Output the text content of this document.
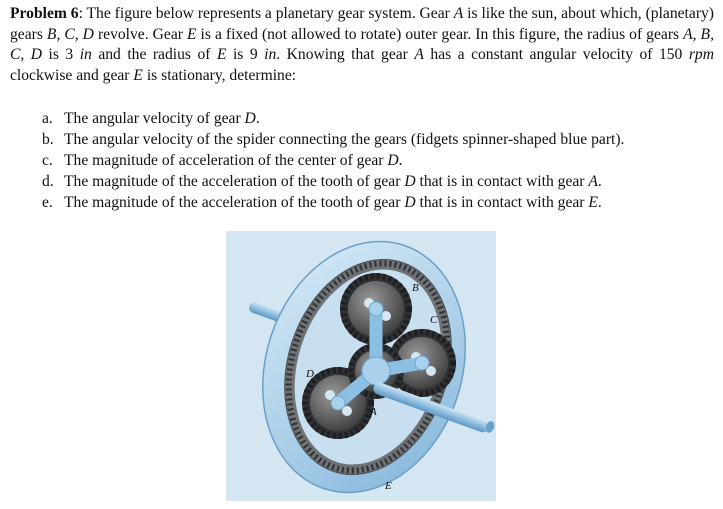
Problem 6: The figure below represents a planetary gear system. Gear A is like the sun, about which, (planetary) gears B, C, D revolve. Gear E is a fixed (not allowed to rotate) outer gear. In this figure, the radius of gears A, B, C, D is 3 in and the radius of E is 9 in. Knowing that gear A has a constant angular velocity of 150 rpm clockwise and gear E is stationary, determine:
a. The angular velocity of gear D.
b. The angular velocity of the spider connecting the gears (fidgets spinner-shaped blue part).
c. The magnitude of acceleration of the center of gear D.
d. The magnitude of the acceleration of the tooth of gear D that is in contact with gear A.
e. The magnitude of the acceleration of the tooth of gear D that is in contact with gear E.
B
C
D
A
E
